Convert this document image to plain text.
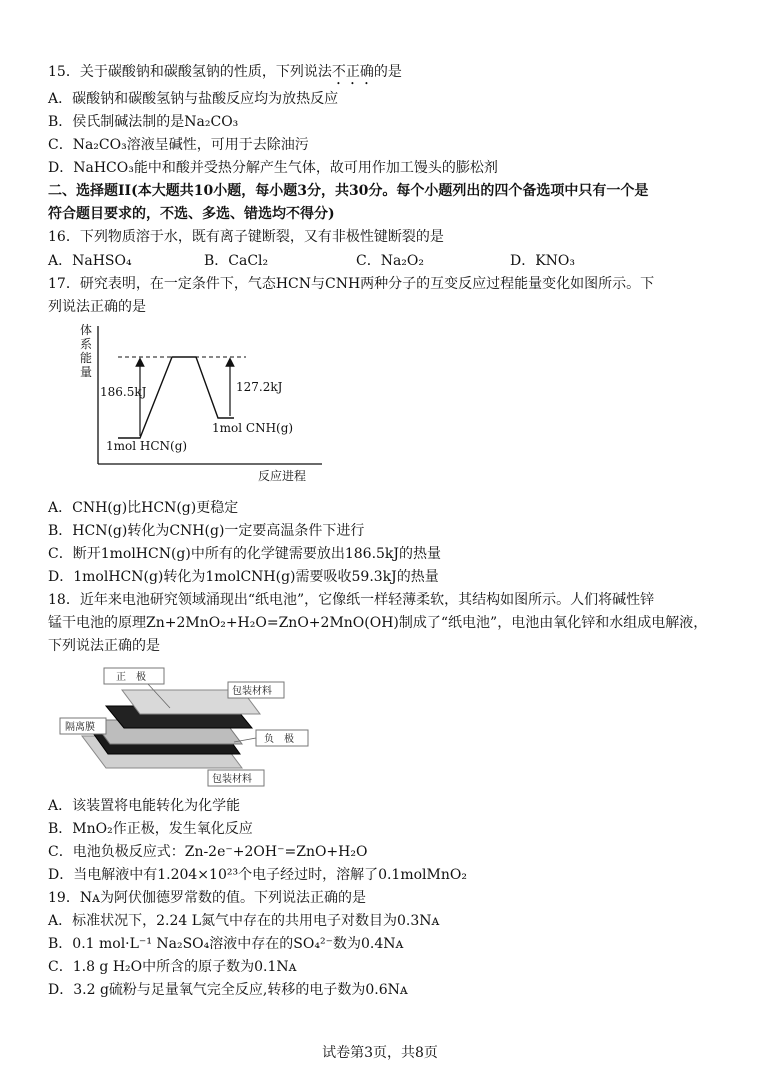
15．关于碳酸钠和碳酸氢钠的性质，下列说法不正确的是
A．碳酸钠和碳酸氢钠与盐酸反应均为放热反应
B．侯氏制碱法制的是Na₂CO₃
C．Na₂CO₃溶液呈碱性，可用于去除油污
D．NaHCO₃能中和酸并受热分解产生气体，故可用作加工馒头的膨松剂
二、选择题II(本大题共10小题，每小题3分，共30分。每个小题列出的四个备选项中只有一个是
符合题目要求的，不选、多选、错选均不得分)
16．下列物质溶于水，既有离子键断裂，又有非极性键断裂的是
A．NaHSO₄	B．CaCl₂	C．Na₂O₂	D．KNO₃
17．研究表明，在一定条件下，气态HCN与CNH两种分子的互变反应过程能量变化如图所示。下
列说法正确的是
体
系
能
量
反应进程
186.5kJ	127.2kJ
1mol HCN(g)
1mol CNH(g)
A．CNH(g)比HCN(g)更稳定
B．HCN(g)转化为CNH(g)一定要高温条件下进行
C．断开1molHCN(g)中所有的化学键需要放出186.5kJ的热量
D．1molHCN(g)转化为1molCNH(g)需要吸收59.3kJ的热量
18．近年来电池研究领域涌现出“纸电池”，它像纸一样轻薄柔软，其结构如图所示。人们将碱性锌
锰干电池的原理Zn+2MnO₂+H₂O=ZnO+2MnO(OH)制成了“纸电池”，电池由氧化锌和水组成电解液，
下列说法正确的是
正　极
包装材料
隔离膜
负　极
包装材料
A．该装置将电能转化为化学能
B．MnO₂作正极，发生氧化反应
C．电池负极反应式：Zn-2e⁻+2OH⁻=ZnO+H₂O
D．当电解液中有1.204×10²³个电子经过时，溶解了0.1molMnO₂
19．Nᴀ为阿伏伽德罗常数的值。下列说法正确的是
A．标准状况下，2.24 L氮气中存在的共用电子对数目为0.3Nᴀ
B．0.1 mol·L⁻¹ Na₂SO₄溶液中存在的SO₄²⁻数为0.4Nᴀ
C．1.8 g H₂O中所含的原子数为0.1Nᴀ
D．3.2 g硫粉与足量氧气完全反应,转移的电子数为0.6Nᴀ
试卷第3页，共8页
